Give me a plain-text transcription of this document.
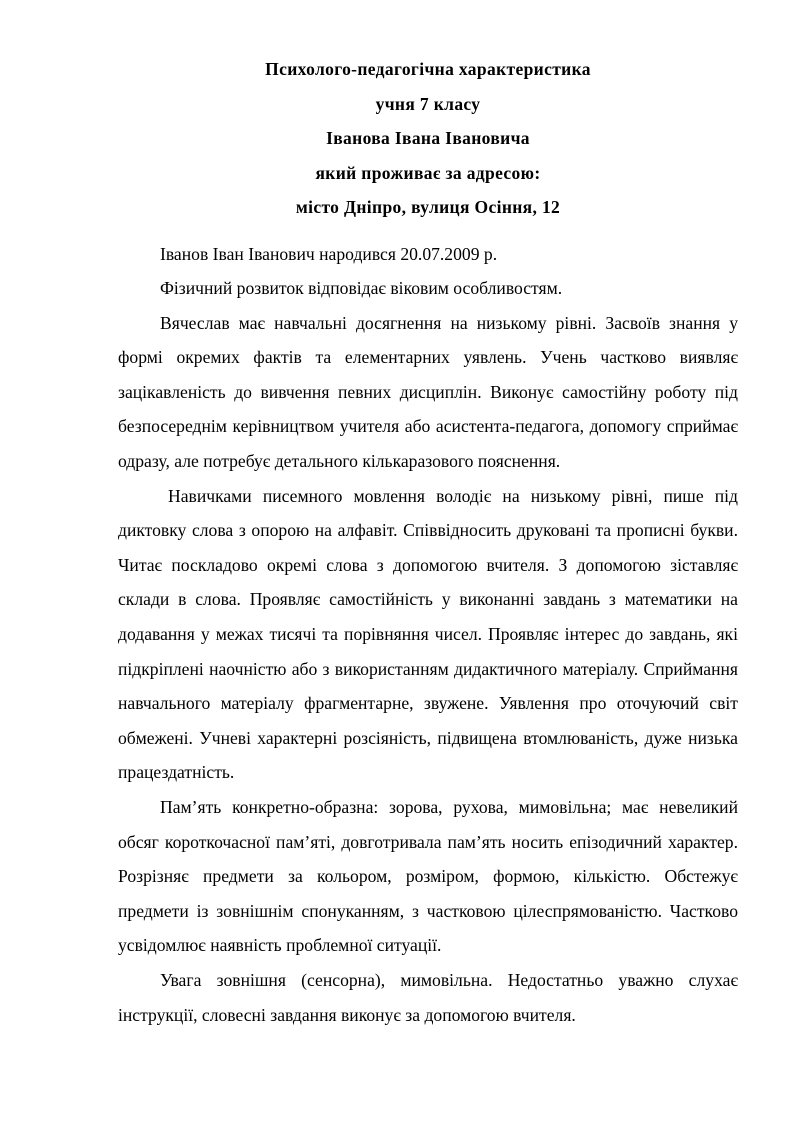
Психолого-педагогічна характеристика
учня 7 класу
Іванова Івана Івановича
який проживає за адресою:
місто Дніпро, вулиця Осіння, 12

Іванов Іван Іванович народився 20.07.2009 р.

Фізичний розвиток відповідає віковим особливостям.

Вячеслав має навчальні досягнення на низькому рівні. Засвоїв знання у формі окремих фактів та елементарних уявлень. Учень частково виявляє зацікавленість до вивчення певних дисциплін. Виконує самостійну роботу під безпосереднім керівництвом учителя або асистента-педагога, допомогу сприймає одразу, але потребує детального кількаразового пояснення.

Навичками писемного мовлення володіє на низькому рівні, пише під диктовку слова з опорою на алфавіт. Співвідносить друковані та прописні букви. Читає поскладово окремі слова з допомогою вчителя. З допомогою зіставляє склади в слова. Проявляє самостійність у виконанні завдань з математики на додавання у межах тисячі та порівняння чисел. Проявляє інтерес до завдань, які підкріплені наочністю або з використанням дидактичного матеріалу. Сприймання навчального матеріалу фрагментарне, звужене. Уявлення про оточуючий світ обмежені. Учневі характерні розсіяність, підвищена втомлюваність, дуже низька працездатність.

Пам’ять конкретно-образна: зорова, рухова, мимовільна; має невеликий обсяг короткочасної пам’яті, довготривала пам’ять носить епізодичний характер. Розрізняє предмети за кольором, розміром, формою, кількістю. Обстежує предмети із зовнішнім спонуканням, з частковою цілеспрямованістю. Частково усвідомлює наявність проблемної ситуації.

Увага зовнішня (сенсорна), мимовільна. Недостатньо уважно слухає інструкції, словесні завдання виконує за допомогою вчителя.
